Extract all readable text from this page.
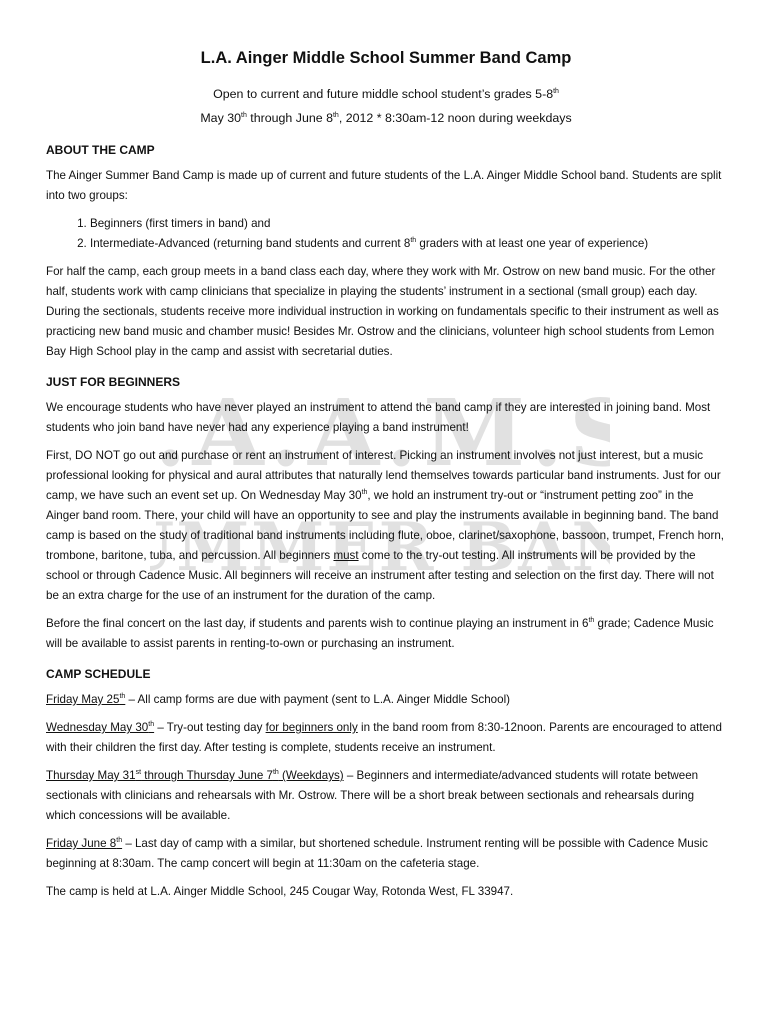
.A.A.M.S
MMER BAN
L.A. Ainger Middle School Summer Band Camp

Open to current and future middle school student’s grades 5-8th

May 30th through June 8th, 2012 * 8:30am-12 noon during weekdays

ABOUT THE CAMP

The Ainger Summer Band Camp is made up of current and future students of the L.A. Ainger Middle School band. Students are split into two groups:

1. Beginners (first timers in band) and
2. Intermediate-Advanced (returning band students and current 8th graders with at least one year of experience)

For half the camp, each group meets in a band class each day, where they work with Mr. Ostrow on new band music. For the other half, students work with camp clinicians that specialize in playing the students’ instrument in a sectional (small group) each day. During the sectionals, students receive more individual instruction in working on fundamentals specific to their instrument as well as practicing new band music and chamber music! Besides Mr. Ostrow and the clinicians, volunteer high school students from Lemon Bay High School play in the camp and assist with secretarial duties.

JUST FOR BEGINNERS

We encourage students who have never played an instrument to attend the band camp if they are interested in joining band. Most students who join band have never had any experience playing a band instrument!

First, DO NOT go out and purchase or rent an instrument of interest. Picking an instrument involves not just interest, but a music professional looking for physical and aural attributes that naturally lend themselves towards particular band instruments. Just for our camp, we have such an event set up. On Wednesday May 30th, we hold an instrument try-out or “instrument petting zoo” in the Ainger band room. There, your child will have an opportunity to see and play the instruments available in beginning band. The band camp is based on the study of traditional band instruments including flute, oboe, clarinet/saxophone, bassoon, trumpet, French horn, trombone, baritone, tuba, and percussion. All beginners must come to the try-out testing. All instruments will be provided by the school or through Cadence Music. All beginners will receive an instrument after testing and selection on the first day. There will not be an extra charge for the use of an instrument for the duration of the camp.

Before the final concert on the last day, if students and parents wish to continue playing an instrument in 6th grade; Cadence Music will be available to assist parents in renting-to-own or purchasing an instrument.

CAMP SCHEDULE

Friday May 25th – All camp forms are due with payment (sent to L.A. Ainger Middle School)

Wednesday May 30th – Try-out testing day for beginners only in the band room from 8:30-12noon. Parents are encouraged to attend with their children the first day. After testing is complete, students receive an instrument.

Thursday May 31st through Thursday June 7th (Weekdays) – Beginners and intermediate/advanced students will rotate between sectionals with clinicians and rehearsals with Mr. Ostrow. There will be a short break between sectionals and rehearsals during which concessions will be available.

Friday June 8th – Last day of camp with a similar, but shortened schedule. Instrument renting will be possible with Cadence Music beginning at 8:30am. The camp concert will begin at 11:30am on the cafeteria stage.

The camp is held at L.A. Ainger Middle School, 245 Cougar Way, Rotonda West, FL 33947.
